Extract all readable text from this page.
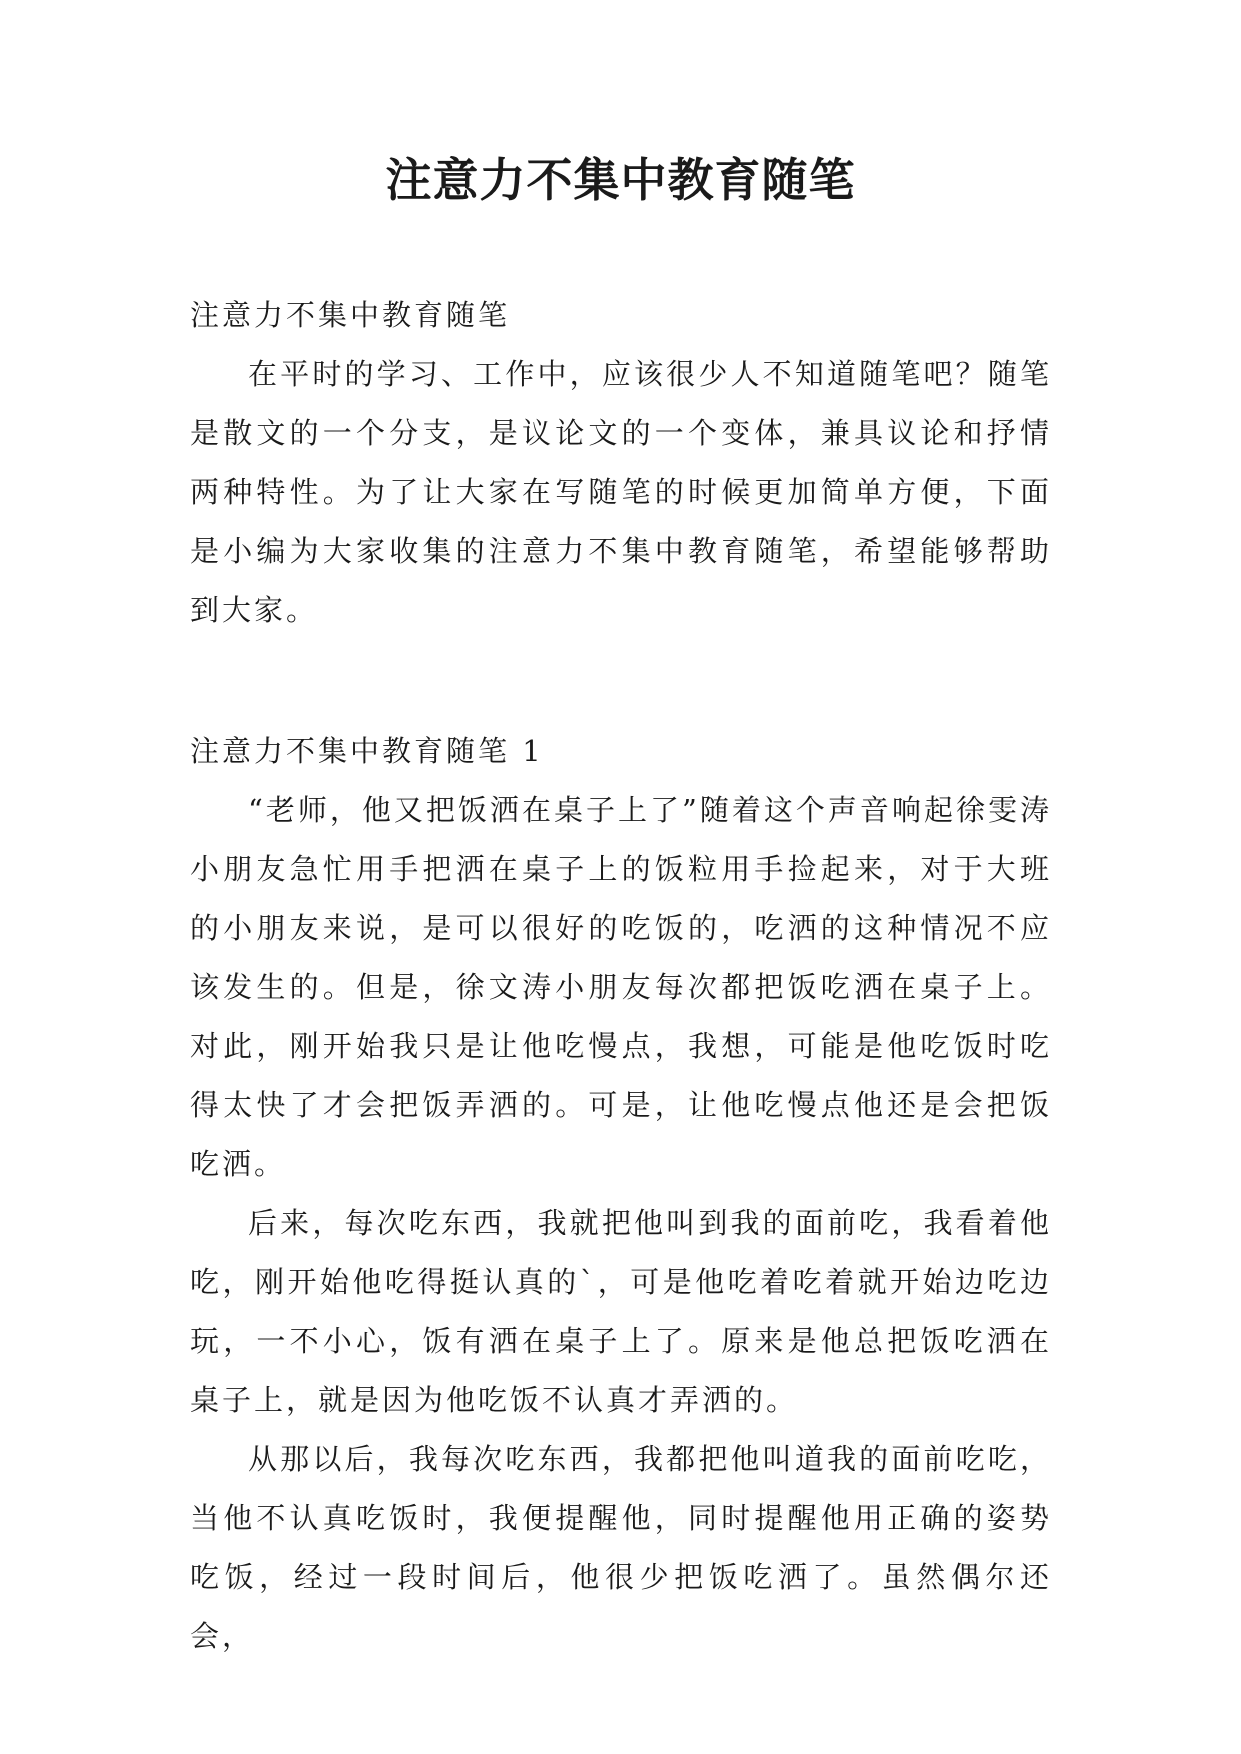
注意力不集中教育随笔

注意力不集中教育随笔

在平时的学习、工作中，应该很少人不知道随笔吧？随笔是散文的一个分支，是议论文的一个变体，兼具议论和抒情两种特性。为了让大家在写随笔的时候更加简单方便，下面是小编为大家收集的注意力不集中教育随笔，希望能够帮助到大家。

注意力不集中教育随笔 1

“老师，他又把饭洒在桌子上了”随着这个声音响起徐雯涛小朋友急忙用手把洒在桌子上的饭粒用手捡起来，对于大班的小朋友来说，是可以很好的吃饭的，吃洒的这种情况不应该发生的。但是，徐文涛小朋友每次都把饭吃洒在桌子上。对此，刚开始我只是让他吃慢点，我想，可能是他吃饭时吃得太快了才会把饭弄洒的。可是，让他吃慢点他还是会把饭吃洒。

后来，每次吃东西，我就把他叫到我的面前吃，我看着他吃，刚开始他吃得挺认真的`，可是他吃着吃着就开始边吃边玩，一不小心，饭有洒在桌子上了。原来是他总把饭吃洒在桌子上，就是因为他吃饭不认真才弄洒的。

从那以后，我每次吃东西，我都把他叫道我的面前吃吃，当他不认真吃饭时，我便提醒他，同时提醒他用正确的姿势吃饭，经过一段时间后，他很少把饭吃洒了。虽然偶尔还会，
